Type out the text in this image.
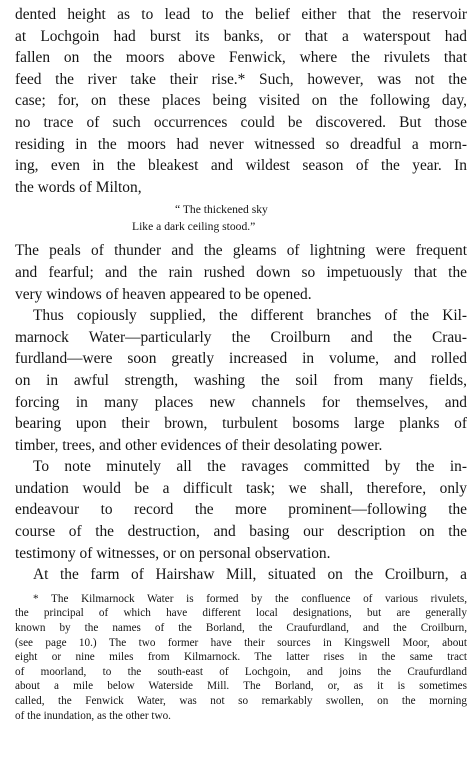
dented height as to lead to the belief either that the reservoir
at Lochgoin had burst its banks, or that a waterspout had
fallen on the moors above Fenwick, where the rivulets that
feed the river take their rise.* Such, however, was not the
case; for, on these places being visited on the following day,
no trace of such occurrences could be discovered. But those
residing in the moors had never witnessed so dreadful a morn-
ing, even in the bleakest and wildest season of the year. In
the words of Milton,
“ The thickened sky
Like a dark ceiling stood.”
The peals of thunder and the gleams of lightning were frequent
and fearful; and the rain rushed down so impetuously that the
very windows of heaven appeared to be opened.
Thus copiously supplied, the different branches of the Kil-
marnock Water—particularly the Croilburn and the Crau-
furdland—were soon greatly increased in volume, and rolled
on in awful strength, washing the soil from many fields,
forcing in many places new channels for themselves, and
bearing upon their brown, turbulent bosoms large planks of
timber, trees, and other evidences of their desolating power.
To note minutely all the ravages committed by the in-
undation would be a difficult task; we shall, therefore, only
endeavour to record the more prominent—following the
course of the destruction, and basing our description on the
testimony of witnesses, or on personal observation.
At the farm of Hairshaw Mill, situated on the Croilburn, a
* The Kilmarnock Water is formed by the confluence of various rivulets,
the principal of which have different local designations, but are generally
known by the names of the Borland, the Craufurdland, and the Croilburn,
(see page 10.) The two former have their sources in Kingswell Moor, about
eight or nine miles from Kilmarnock. The latter rises in the same tract
of moorland, to the south-east of Lochgoin, and joins the Craufurdland
about a mile below Waterside Mill. The Borland, or, as it is sometimes
called, the Fenwick Water, was not so remarkably swollen, on the morning
of the inundation, as the other two.
